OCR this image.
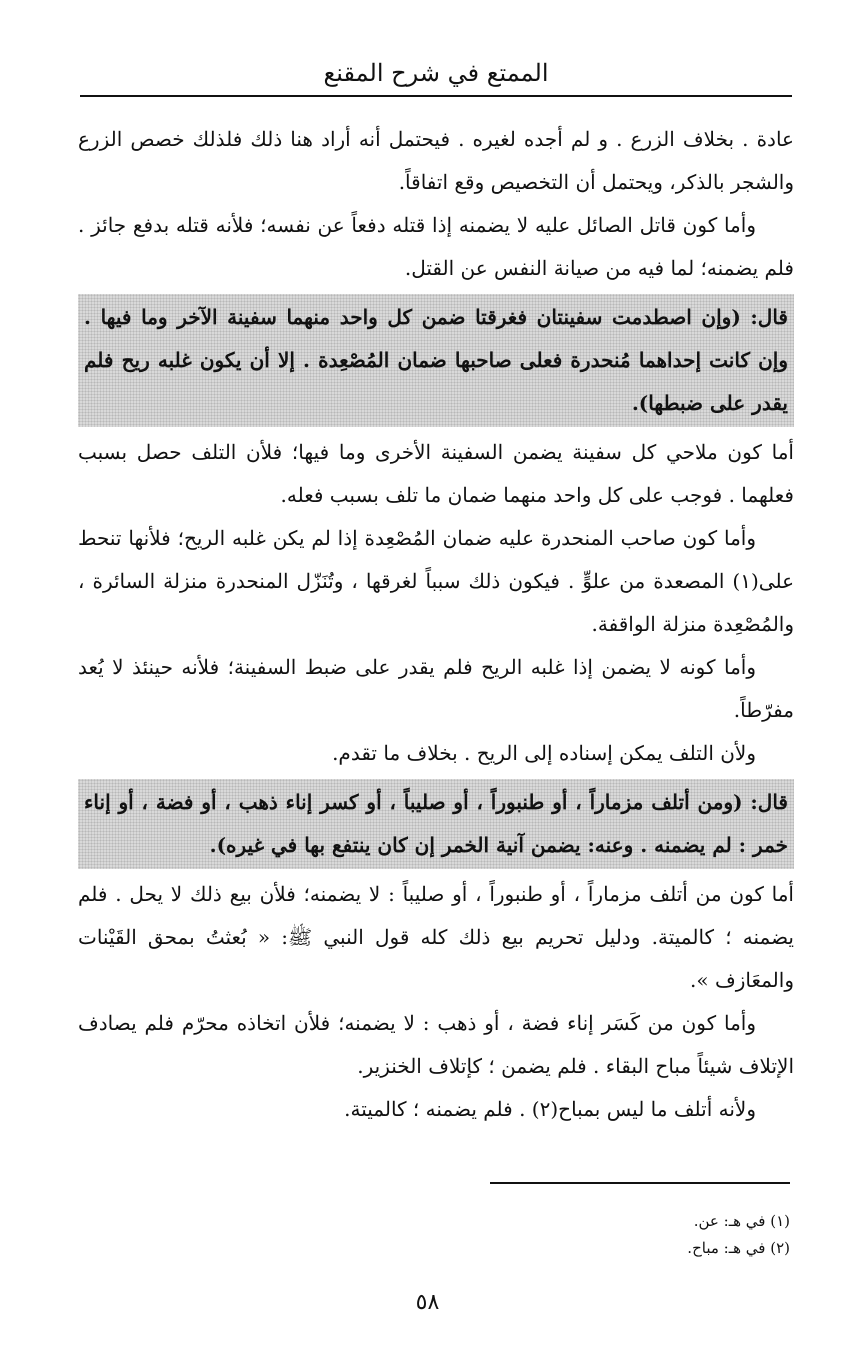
الممتع في شرح المقنع

عادة . بخلاف الزرع . و لم أجده لغيره . فيحتمل أنه أراد هنا ذلك فلذلك خصص الزرع والشجر بالذكر، ويحتمل أن التخصيص وقع اتفاقاً.

وأما كون قاتل الصائل عليه لا يضمنه إذا قتله دفعاً عن نفسه؛ فلأنه قتله بدفع جائز . فلم يضمنه؛ لما فيه من صيانة النفس عن القتل.

قال: (وإن اصطدمت سفينتان فغرقتا ضمن كل واحد منهما سفينة الآخر وما فيها . وإن كانت إحداهما مُنحدرة فعلى صاحبها ضمان المُصْعِدة . إلا أن يكون غلبه ريح فلم يقدر على ضبطها).

أما كون ملاحي كل سفينة يضمن السفينة الأخرى وما فيها؛ فلأن التلف حصل بسبب فعلهما . فوجب على كل واحد منهما ضمان ما تلف بسبب فعله.

وأما كون صاحب المنحدرة عليه ضمان المُصْعِدة إذا لم يكن غلبه الريح؛ فلأنها تنحط على(١) المصعدة من علوٍّ . فيكون ذلك سبباً لغرقها ، وتُنَزّل المنحدرة منزلة السائرة ، والمُصْعِدة منزلة الواقفة.

وأما كونه لا يضمن إذا غلبه الريح فلم يقدر على ضبط السفينة؛ فلأنه حينئذ لا يُعد مفرّطاً.

ولأن التلف يمكن إسناده إلى الريح . بخلاف ما تقدم.

قال: (ومن أتلف مزماراً ، أو طنبوراً ، أو صليباً ، أو كسر إناء ذهب ، أو فضة ، أو إناء خمر : لم يضمنه . وعنه: يضمن آنية الخمر إن كان ينتفع بها في غيره).

أما كون من أتلف مزماراً ، أو طنبوراً ، أو صليباً : لا يضمنه؛ فلأن بيع ذلك لا يحل . فلم يضمنه ؛ كالميتة. ودليل تحريم بيع ذلك كله قول النبي ﷺ: « بُعثتُ بمحق القَيْنات والمعَازف ».

وأما كون من كَسَر إناء فضة ، أو ذهب : لا يضمنه؛ فلأن اتخاذه محرّم فلم يصادف الإتلاف شيئاً مباح البقاء . فلم يضمن ؛ كإتلاف الخنزير.

ولأنه أتلف ما ليس بمباح(٢) . فلم يضمنه ؛ كالميتة.

(١) في هـ: عن.

(٢) في هـ: مباح.

٥٨
